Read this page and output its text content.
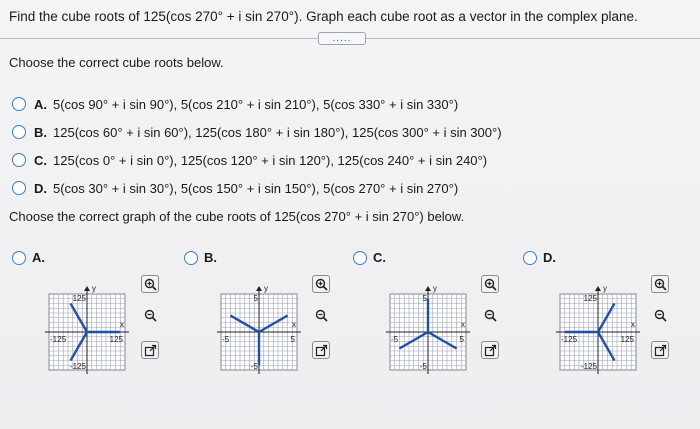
Find the cube roots of 125(cos 270° + i sin 270°). Graph each cube root as a vector in the complex plane.
.....
Choose the correct cube roots below.
A. 5(cos 90° + i sin 90°), 5(cos 210° + i sin 210°), 5(cos 330° + i sin 330°)
B. 125(cos 60° + i sin 60°), 125(cos 180° + i sin 180°), 125(cos 300° + i sin 300°)
C. 125(cos 0° + i sin 0°), 125(cos 120° + i sin 120°), 125(cos 240° + i sin 240°)
D. 5(cos 30° + i sin 30°), 5(cos 150° + i sin 150°), 5(cos 270° + i sin 270°)
Choose the correct graph of the cube roots of 125(cos 270° + i sin 270°) below.
A.
y
x
125
-125
-125	125
B.
y
x
5
-5
-5	5
C.
y
x
5
-5
-5	5
D.
y
x
125
-125
-125	125
